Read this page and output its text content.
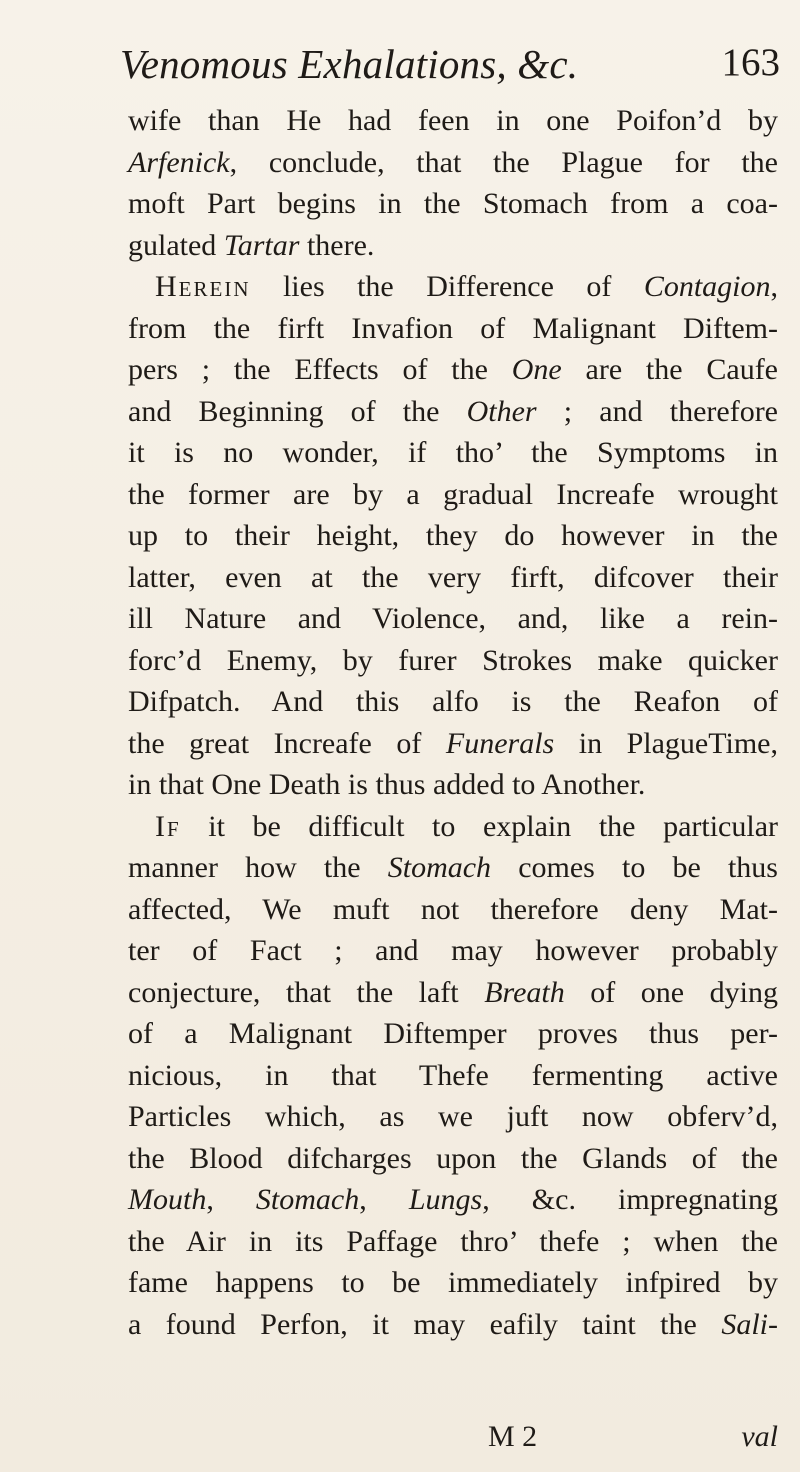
Venomous Exhalations, &c.	163
wife than He had feen in one Poifon’d by
Arfenick, conclude, that the Plague for the
moft Part begins in the Stomach from a coa-
gulated Tartar there.
Herein lies the Difference of Contagion,
from the firft Invafion of Malignant Diftem-
pers ; the Effects of the One are the Caufe
and Beginning of the Other ; and therefore
it is no wonder, if tho’ the Symptoms in
the former are by a gradual Increafe wrought
up to their height, they do however in the
latter, even at the very firft, difcover their
ill Nature and Violence, and, like a rein-
forc’d Enemy, by furer Strokes make quicker
Difpatch. And this alfo is the Reafon of
the great Increafe of Funerals in PlagueTime,
in that One Death is thus added to Another.
If it be difficult to explain the particular
manner how the Stomach comes to be thus
affected, We muft not therefore deny Mat-
ter of Fact ; and may however probably
conjecture, that the laft Breath of one dying
of a Malignant Diftemper proves thus per-
nicious, in that Thefe fermenting active
Particles which, as we juft now obferv’d,
the Blood difcharges upon the Glands of the
Mouth, Stomach, Lungs, &c. impregnating
the Air in its Paffage thro’ thefe ; when the
fame happens to be immediately infpired by
a found Perfon, it may eafily taint the Sali-
M 2	val
